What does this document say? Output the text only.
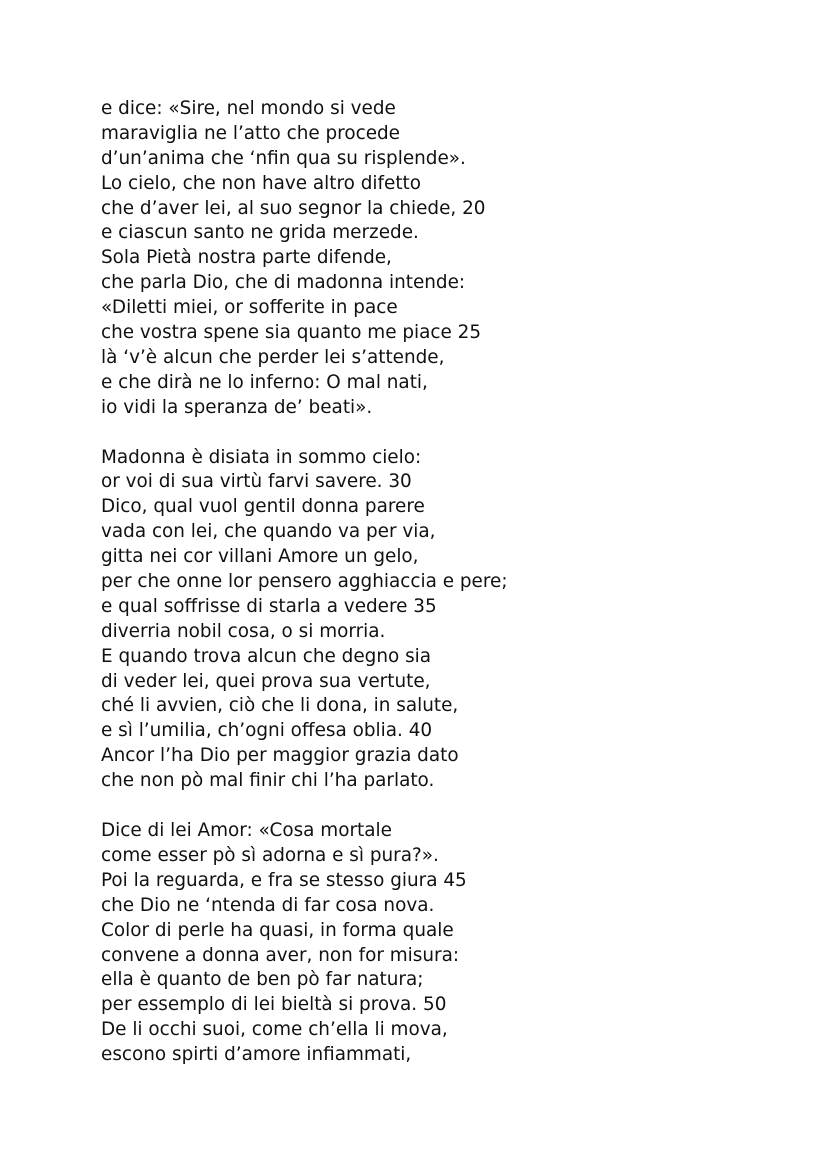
e dice: «Sire, nel mondo si vede
maraviglia ne l’atto che procede
d’un’anima che ‘nfin qua su risplende».
Lo cielo, che non have altro difetto
che d’aver lei, al suo segnor la chiede, 20
e ciascun santo ne grida merzede.
Sola Pietà nostra parte difende,
che parla Dio, che di madonna intende:
«Diletti miei, or sofferite in pace
che vostra spene sia quanto me piace 25
là ‘v’è alcun che perder lei s’attende,
e che dirà ne lo inferno: O mal nati,
io vidi la speranza de’ beati».
Madonna è disiata in sommo cielo:
or voi di sua virtù farvi savere. 30
Dico, qual vuol gentil donna parere
vada con lei, che quando va per via,
gitta nei cor villani Amore un gelo,
per che onne lor pensero agghiaccia e pere;
e qual soffrisse di starla a vedere 35
diverria nobil cosa, o si morria.
E quando trova alcun che degno sia
di veder lei, quei prova sua vertute,
ché li avvien, ciò che li dona, in salute,
e sì l’umilia, ch’ogni offesa oblia. 40
Ancor l’ha Dio per maggior grazia dato
che non pò mal finir chi l’ha parlato.
Dice di lei Amor: «Cosa mortale
come esser pò sì adorna e sì pura?».
Poi la reguarda, e fra se stesso giura 45
che Dio ne ‘ntenda di far cosa nova.
Color di perle ha quasi, in forma quale
convene a donna aver, non for misura:
ella è quanto de ben pò far natura;
per essemplo di lei bieltà si prova. 50
De li occhi suoi, come ch’ella li mova,
escono spirti d’amore infiammati,
